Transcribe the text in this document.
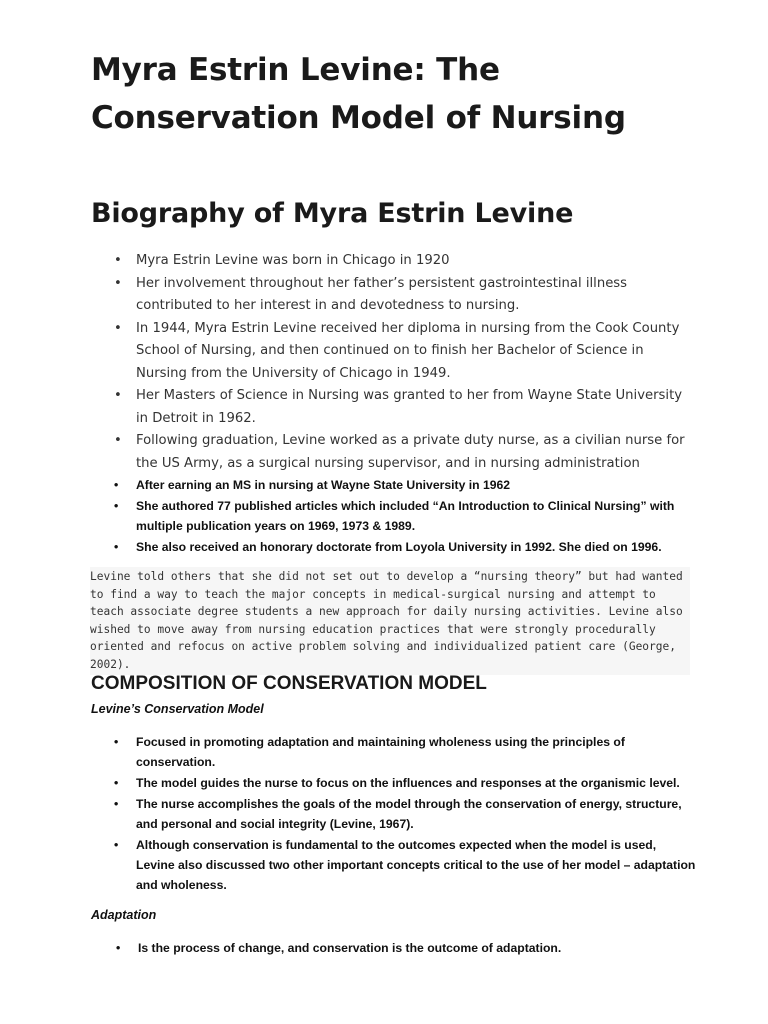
Myra Estrin Levine: The Conservation Model of Nursing
Biography of Myra Estrin Levine
• Myra Estrin Levine was born in Chicago in 1920
• Her involvement throughout her father’s persistent gastrointestinal illness contributed to her interest in and devotedness to nursing.
• In 1944, Myra Estrin Levine received her diploma in nursing from the Cook County School of Nursing, and then continued on to finish her Bachelor of Science in Nursing from the University of Chicago in 1949.
• Her Masters of Science in Nursing was granted to her from Wayne State University in Detroit in 1962.
• Following graduation, Levine worked as a private duty nurse, as a civilian nurse for the US Army, as a surgical nursing supervisor, and in nursing administration
• After earning an MS in nursing at Wayne State University in 1962
• She authored 77 published articles which included “An Introduction to Clinical Nursing” with multiple publication years on 1969, 1973 & 1989.
• She also received an honorary doctorate from Loyola University in 1992. She died on 1996.

Levine told others that she did not set out to develop a “nursing theory” but had wanted to find a way to teach the major concepts in medical-surgical nursing and attempt to teach associate degree students a new approach for daily nursing activities. Levine also wished to move away from nursing education practices that were strongly procedurally oriented and refocus on active problem solving and individualized patient care (George, 2002).

COMPOSITION OF CONSERVATION MODEL
Levine’s Conservation Model
• Focused in promoting adaptation and maintaining wholeness using the principles of conservation.
• The model guides the nurse to focus on the influences and responses at the organismic level.
• The nurse accomplishes the goals of the model through the conservation of energy, structure, and personal and social integrity (Levine, 1967).
• Although conservation is fundamental to the outcomes expected when the model is used, Levine also discussed two other important concepts critical to the use of her model – adaptation and wholeness.
Adaptation
• Is the process of change, and conservation is the outcome of adaptation.
